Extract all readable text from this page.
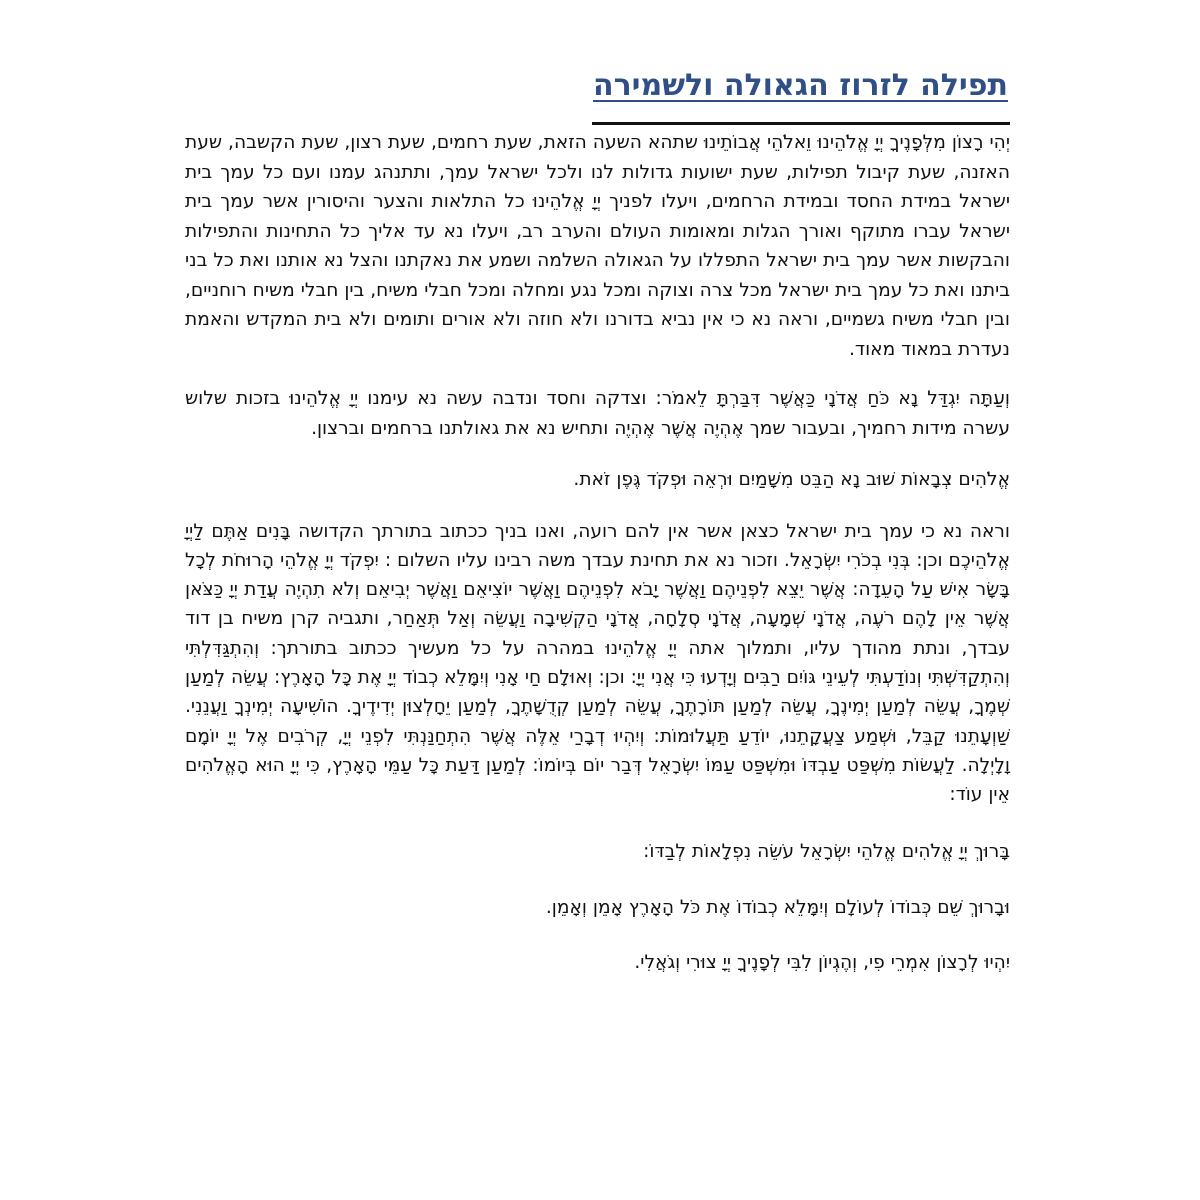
תפילה לזרוז הגאולה ולשמירה

יְהִי רָצוֹן מִלְּפָנֶיךָ יְיָ אֱלֹהֵינוּ וֵאלֹהֵי אֲבוֹתֵינוּ שתהא השעה הזאת, שעת רחמים, שעת רצון, שעת הקשבה, שעת האזנה, שעת קיבול תפילות, שעת ישועות גדולות לנו ולכל ישראל עמך, ותתנהג עמנו ועם כל עמך בית ישראל במידת החסד ובמידת הרחמים, ויעלו לפניך יְיָ אֱלֹהֵינוּ כל התלאות והצער והיסורין אשר עמך בית ישראל עברו מתוקף ואורך הגלות ומאומות העולם והערב רב, ויעלו נא עד אליך כל התחינות והתפילות והבקשות אשר עמך בית ישראל התפללו על הגאולה השלמה ושמע את נאקתנו והצל נא אותנו ואת כל בני ביתנו ואת כל עמך בית ישראל מכל צרה וצוקה ומכל נגע ומחלה ומכל חבלי משיח, בין חבלי משיח רוחניים, ובין חבלי משיח גשמיים, וראה נא כי אין נביא בדורנו ולא חוזה ולא אורים ותומים ולא בית המקדש והאמת נעדרת במאוד מאוד.

וְעַתָּה יִגְדַּל נָא כֹּחַ אֲדֹנָי כַּאֲשֶׁר דִּבַּרְתָּ לֵאמֹר: וצדקה וחסד ונדבה עשה נא עימנו יְיָ אֱלֹהֵינוּ בזכות שלוש עשרה מידות רחמיך, ובעבור שמך אֶהְיֶה אֲשֶׁר אֶהְיֶה ותחיש נא את גאולתנו ברחמים וברצון.

אֱלֹהִים צְבָאוֹת שׁוּב נָא הַבֵּט מִשָּׁמַיִם וּרְאֵה וּפְקֹד גֶּפֶן זֹאת.

וראה נא כי עמך בית ישראל כצאן אשר אין להם רועה, ואנו בניך ככתוב בתורתך הקדושה בָּנִים אַתֶּם לַיְיָ אֱלֹהֵיכֶם וכן: בְּנִי בְכֹרִי יִשְׂרָאֵל. וזכור נא את תחינת עבדך משה רבינו עליו השלום : יִפְקֹד יְיָ אֱלֹהֵי הָרוּחֹת לְכָל בָּשָׂר אִישׁ עַל הָעֵדָה: אֲשֶׁר יֵצֵא לִפְנֵיהֶם וַאֲשֶׁר יָבֹא לִפְנֵיהֶם וַאֲשֶׁר יוֹצִיאֵם וַאֲשֶׁר יְבִיאֵם וְלֹא תִהְיֶה עֲדַת יְיָ כַּצֹּאן אֲשֶׁר אֵין לָהֶם רֹעֶה, אֲדֹנָי שְׁמָעָה, אֲדֹנָי סְלָחָה, אֲדֹנָי הַקְשִׁיבָה וַעֲשֵׂה וְאַל תְּאַחַר, ותגביה קרן משיח בן דוד עבדך, ונתת מהודך עליו, ותמלוך אתה יְיָ אֱלֹהֵינוּ במהרה על כל מעשיך ככתוב בתורתך: וְהִתְגַּדִּלְתִּי וְהִתְקַדִּשְׁתִּי וְנוֹדַעְתִּי לְעֵינֵי גּוֹיִם רַבִּים וְיָדְעוּ כִּי אֲנִי יְיָ: וכן: וְאוּלָם חַי אָנִי וְיִמָּלֵא כְבוֹד יְיָ אֶת כָּל הָאָרֶץ: עֲשֵׂה לְמַעַן שְׁמֶךָ, עֲשֵׂה לְמַעַן יְמִינֶךָ, עֲשֵׂה לְמַעַן תּוֹרָתֶךָ, עֲשֵׂה לְמַעַן קְדֻשָּׁתֶךָ, לְמַעַן יֵחָלְצוּן יְדִידֶיךָ. הוֹשִׁיעָה יְמִינְךָ וַעֲנֵנִי. שַׁוְעָתֵנוּ קַבֵּל, וּשְׁמַע צַעֲקָתֵנוּ, יוֹדֵעַ תַּעֲלוּמוֹת: וְיִהְיוּ דְבָרַי אֵלֶּה אֲשֶׁר הִתְחַנַּנְתִּי לִפְנֵי יְיָ, קְרֹבִים אֶל יְיָ יוֹמָם וָלָיְלָה. לַעֲשׂוֹת מִשְׁפַּט עַבְדּוֹ וּמִשְׁפַּט עַמּוֹ יִשְׂרָאֵל דְּבַר יוֹם בְּיוֹמוֹ: לְמַעַן דַּעַת כָּל עַמֵּי הָאָרֶץ, כִּי יְיָ הוּא הָאֱלֹהִים אֵין עוֹד:

בָּרוּךְ יְיָ אֱלֹהִים אֱלֹהֵי יִשְׂרָאֵל עֹשֵׂה נִפְלָאוֹת לְבַדּוֹ:

וּבָרוּךְ שֵׁם כְּבוֹדוֹ לְעוֹלָם וְיִמָּלֵא כְבוֹדוֹ אֶת כֹּל הָאָרֶץ אָמֵן וְאָמֵן.

יִהְיוּ לְרָצוֹן אִמְרֵי פִי, וְהֶגְיוֹן לִבִּי לְפָנֶיךָ יְיָ צוּרִי וְגֹאֲלִי.
